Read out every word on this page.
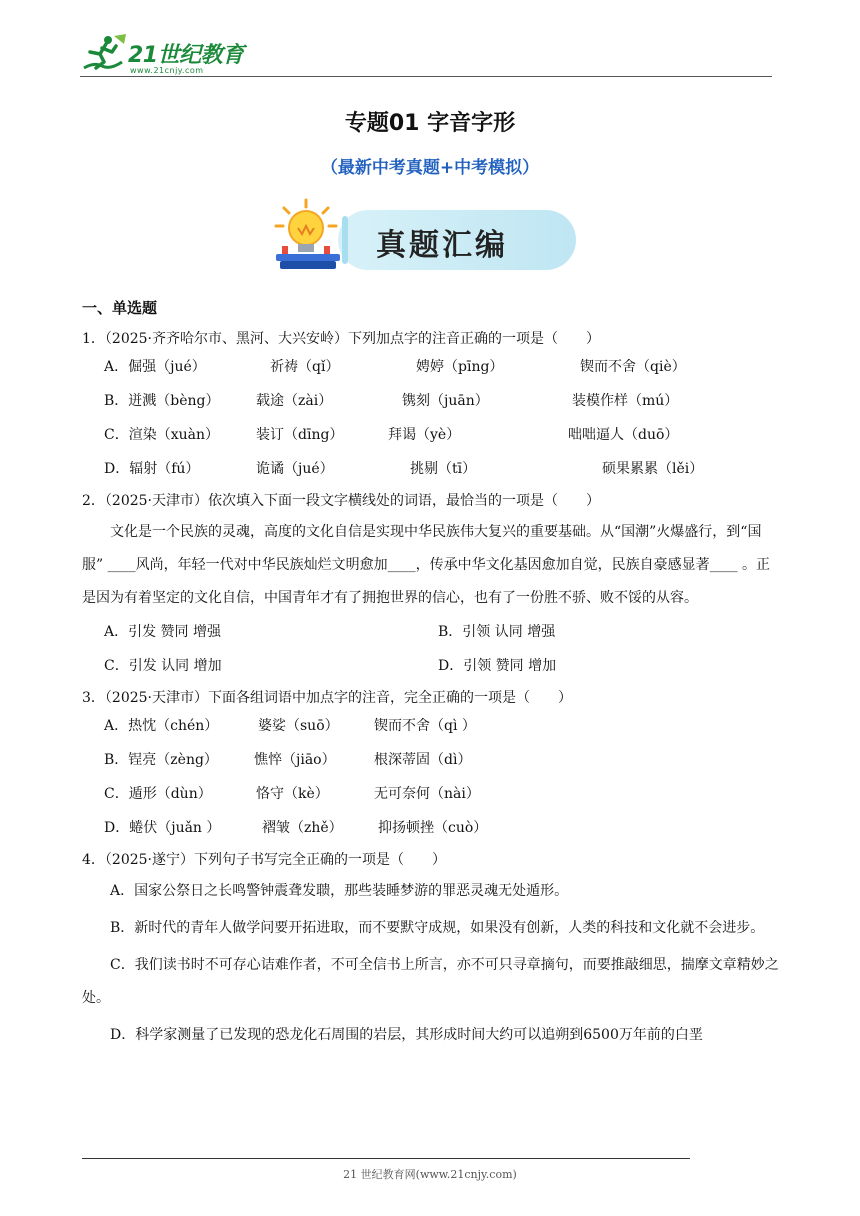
21世纪教育
www.21cnjy.com
专题01 字音字形
（最新中考真题+中考模拟）
真题汇编
一、单选题
1．（2025·齐齐哈尔市、黑河、大兴安岭）下列加点字的注音正确的一项是（　　）
A．倔强（jué）	祈祷（qǐ）	娉婷（pīng）	锲而不舍（qiè）
B．迸溅（bèng）	载途（zài）	镌刻（juān）	装模作样（mú）
C．渲染（xuàn）	装订（dīng）	拜谒（yè）	咄咄逼人（duō）
D．辐射（fú）	诡谲（jué）	挑剔（tī）	硕果累累（lěi）
2．（2025·天津市）依次填入下面一段文字横线处的词语，最恰当的一项是（　　）
文化是一个民族的灵魂，高度的文化自信是实现中华民族伟大复兴的重要基础。从“国潮”火爆盛行，到“国服” ____风尚，年轻一代对中华民族灿烂文明愈加____，传承中华文化基因愈加自觉，民族自豪感显著____ 。正是因为有着坚定的文化自信，中国青年才有了拥抱世界的信心，也有了一份胜不骄、败不馁的从容。
A．引发 赞同 增强	B．引领 认同 增强
C．引发 认同 增加	D．引领 赞同 增加
3．（2025·天津市）下面各组词语中加点字的注音，完全正确的一项是（　　）
A．热忱（chén）	婆娑（suō）	锲而不舍（qì ）
B．锃亮（zèng）	憔悴（jiāo）	根深蒂固（dì）
C．遁形（dùn）	恪守（kè）	无可奈何（nài）
D．蜷伏（juǎn ）	褶皱（zhě）	抑扬顿挫（cuò）
4．（2025·遂宁）下列句子书写完全正确的一项是（　　）
A．国家公祭日之长鸣警钟震聋发聩，那些装睡梦游的罪恶灵魂无处遁形。
B．新时代的青年人做学问要开拓进取，而不要默守成规，如果没有创新，人类的科技和文化就不会进步。
C．我们读书时不可存心诘难作者，不可全信书上所言，亦不可只寻章摘句，而要推敲细思，揣摩文章精妙之处。
D．科学家测量了已发现的恐龙化石周围的岩层，其形成时间大约可以追朔到6500万年前的白垩
21 世纪教育网(www.21cnjy.com)
